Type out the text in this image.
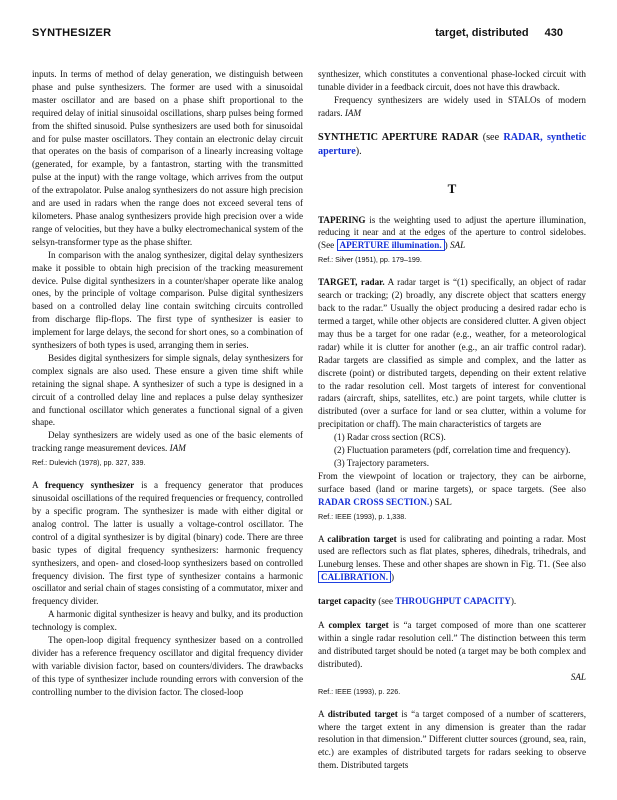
SYNTHESIZER	target, distributed 430

inputs. In terms of method of delay generation, we distinguish between phase and pulse synthesizers. The former are used with a sinusoidal master oscillator and are based on a phase shift proportional to the required delay of initial sinusoidal oscillations, sharp pulses being formed from the shifted sinusoid. Pulse synthesizers are used both for sinusoidal and for pulse master oscillators. They contain an electronic delay circuit that operates on the basis of comparison of a linearly increasing voltage (generated, for example, by a fantastron, starting with the transmitted pulse at the input) with the range voltage, which arrives from the output of the extrapolator. Pulse analog synthesizers do not assure high precision and are used in radars when the range does not exceed several tens of kilometers. Phase analog synthesizers provide high precision over a wide range of velocities, but they have a bulky electromechanical system of the selsyn-transformer type as the phase shifter.

In comparison with the analog synthesizer, digital delay synthesizers make it possible to obtain high precision of the tracking measurement device. Pulse digital synthesizers in a counter/shaper operate like analog ones, by the principle of voltage comparison. Pulse digital synthesizers based on a controlled delay line contain switching circuits controlled from discharge flip-flops. The first type of synthesizer is easier to implement for large delays, the second for short ones, so a combination of synthesizers of both types is used, arranging them in series.

Besides digital synthesizers for simple signals, delay synthesizers for complex signals are also used. These ensure a given time shift while retaining the signal shape. A synthesizer of such a type is designed in a circuit of a controlled delay line and replaces a pulse delay synthesizer and functional oscillator which generates a functional signal of a given shape.

Delay synthesizers are widely used as one of the basic elements of tracking range measurement devices. IAM

Ref.: Dulevich (1978), pp. 327, 339.

A frequency synthesizer is a frequency generator that produces sinusoidal oscillations of the required frequencies or frequency, controlled by a specific program. The synthesizer is made with either digital or analog control. The latter is usually a voltage-control oscillator. The control of a digital synthesizer is by digital (binary) code. There are three basic types of digital frequency synthesizers: harmonic frequency synthesizers, and open- and closed-loop synthesizers based on controlled frequency division. The first type of synthesizer contains a harmonic oscillator and serial chain of stages consisting of a commutator, mixer and frequency divider.

A harmonic digital synthesizer is heavy and bulky, and its production technology is complex.

The open-loop digital frequency synthesizer based on a controlled divider has a reference frequency oscillator and digital frequency divider with variable division factor, based on counters/dividers. The drawbacks of this type of synthesizer include rounding errors with conversion of the controlling number to the division factor. The closed-loop

synthesizer, which constitutes a conventional phase-locked circuit with tunable divider in a feedback circuit, does not have this drawback.

Frequency synthesizers are widely used in STALOs of modern radars. IAM

SYNTHETIC APERTURE RADAR (see RADAR, synthetic aperture).

T

TAPERING is the weighting used to adjust the aperture illumination, reducing it near and at the edges of the aperture to control sidelobes. (See APERTURE illumination. ) SAL

Ref.: Silver (1951), pp. 179–199.

TARGET, radar. A radar target is “(1) specifically, an object of radar search or tracking; (2) broadly, any discrete object that scatters energy back to the radar.” Usually the object producing a desired radar echo is termed a target, while other objects are considered clutter. A given object may thus be a target for one radar (e.g., weather, for a meteorological radar) while it is clutter for another (e.g., an air traffic control radar). Radar targets are classified as simple and complex, and the latter as discrete (point) or distributed targets, depending on their extent relative to the radar resolution cell. Most targets of interest for conventional radars (aircraft, ships, satellites, etc.) are point targets, while clutter is distributed (over a surface for land or sea clutter, within a volume for precipitation or chaff). The main characteristics of targets are

(1) Radar cross section (RCS).

(2) Fluctuation parameters (pdf, correlation time and frequency).

(3) Trajectory parameters.

From the viewpoint of location or trajectory, they can be airborne, surface based (land or marine targets), or space targets. (See also RADAR CROSS SECTION.) SAL

Ref.: IEEE (1993), p. 1,338.

A calibration target is used for calibrating and pointing a radar. Most used are reflectors such as flat plates, spheres, dihedrals, trihedrals, and Luneburg lenses. These and other shapes are shown in Fig. T1. (See also CALIBRATION. )

target capacity (see THROUGHPUT CAPACITY).

A complex target is “a target composed of more than one scatterer within a single radar resolution cell.” The distinction between this term and distributed target should be noted (a target may be both complex and distributed).

SAL

Ref.: IEEE (1993), p. 226.

A distributed target is “a target composed of a number of scatterers, where the target extent in any dimension is greater than the radar resolution in that dimension.” Different clutter sources (ground, sea, rain, etc.) are examples of distributed targets for radars seeking to observe them. Distributed targets
